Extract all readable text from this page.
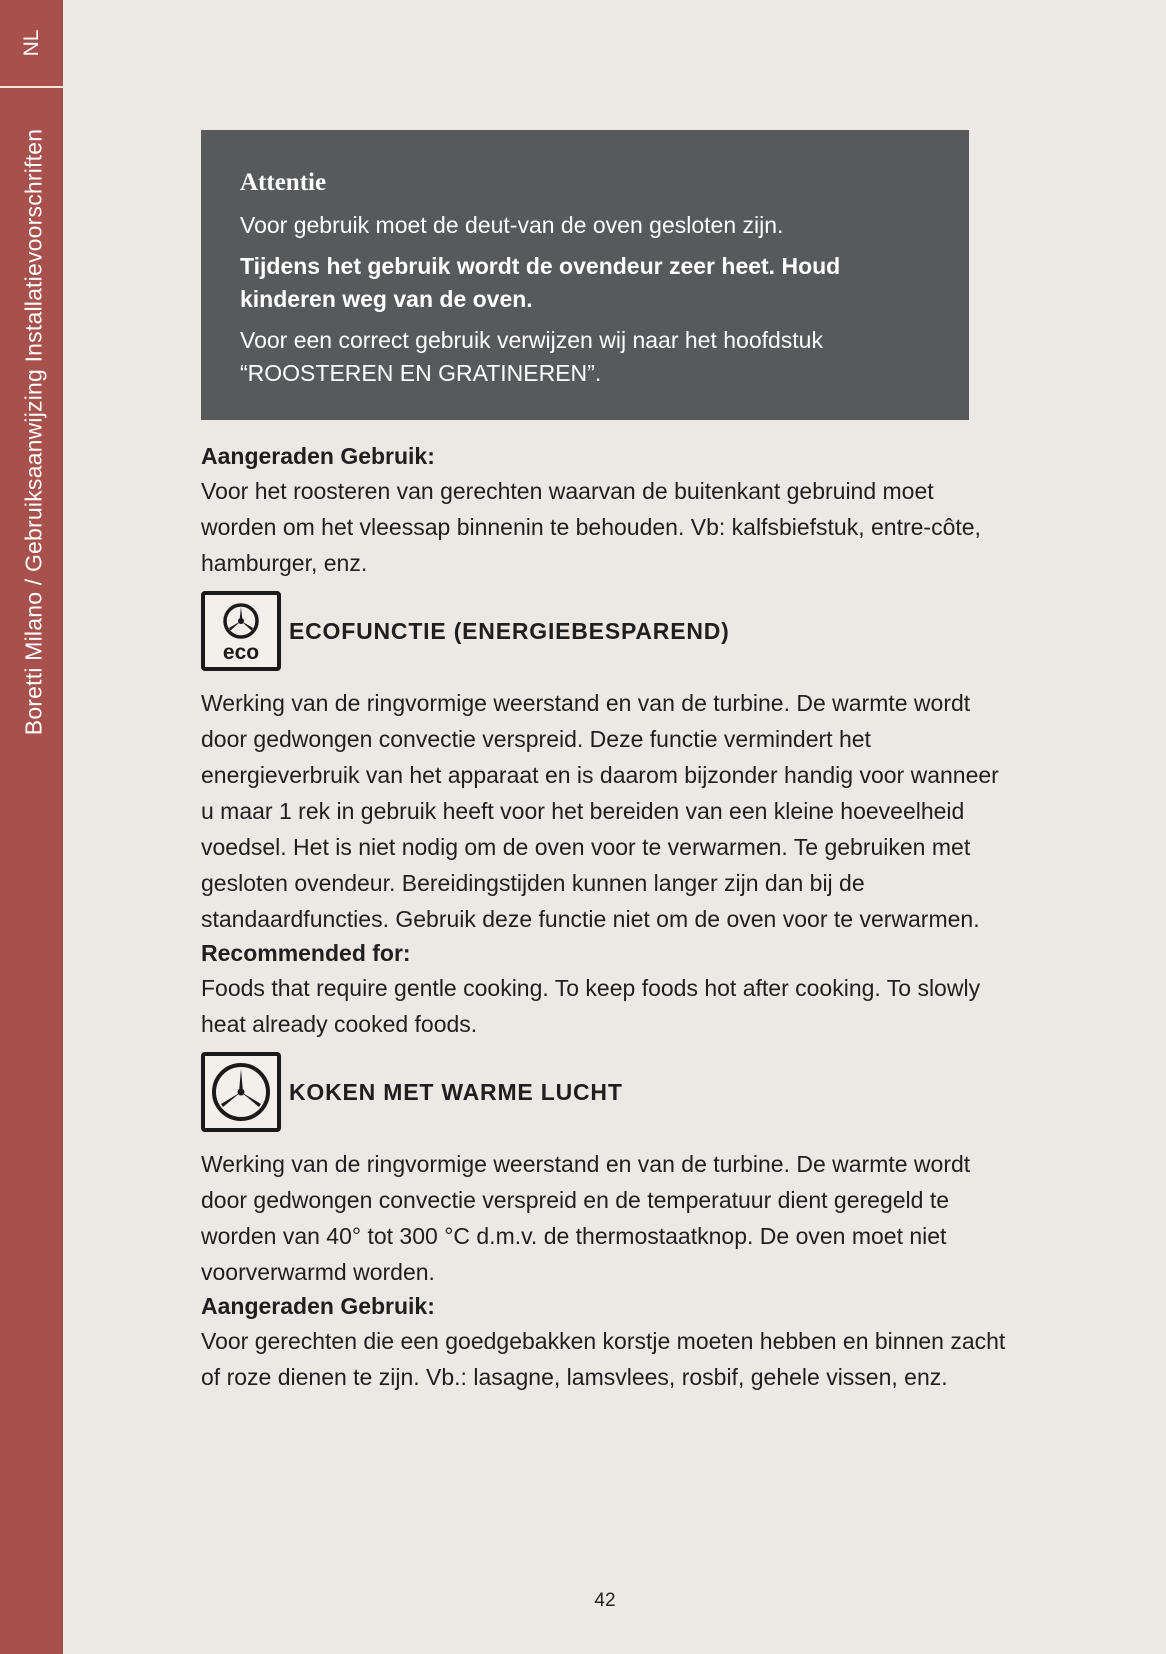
NL
Boretti Milano / Gebruiksaanwijzing Installatievoorschriften	Attentie

Voor gebruik moet de deut-van de oven gesloten zijn.

Tijdens het gebruik wordt de ovendeur zeer heet. Houd kinderen weg van de oven.

Voor een correct gebruik verwijzen wij naar het hoofdstuk “ROOSTEREN EN GRATINEREN”.

Aangeraden Gebruik:

Voor het roosteren van gerechten waarvan de buitenkant gebruind moet worden om het vleessap binnenin te behouden. Vb: kalfsbiefstuk, entre-côte, hamburger, enz.

eco
ECOFUNCTIE (ENERGIEBESPAREND)

Werking van de ringvormige weerstand en van de turbine. De warmte wordt door gedwongen convectie verspreid. Deze functie vermindert het energieverbruik van het apparaat en is daarom bijzonder handig voor wanneer u maar 1 rek in gebruik heeft voor het bereiden van een kleine hoeveelheid voedsel. Het is niet nodig om de oven voor te verwarmen. Te gebruiken met gesloten ovendeur. Bereidingstijden kunnen langer zijn dan bij de standaardfuncties. Gebruik deze functie niet om de oven voor te verwarmen.

Recommended for:

Foods that require gentle cooking. To keep foods hot after cooking. To slowly heat already cooked foods.

KOKEN MET WARME LUCHT

Werking van de ringvormige weerstand en van de turbine. De warmte wordt door gedwongen convectie verspreid en de temperatuur dient geregeld te worden van 40° tot 300 °C d.m.v. de thermostaatknop. De oven moet niet voorverwarmd worden.

Aangeraden Gebruik:

Voor gerechten die een goedgebakken korstje moeten hebben en binnen zacht of roze dienen te zijn. Vb.: lasagne, lamsvlees, rosbif, gehele vissen, enz.

42
